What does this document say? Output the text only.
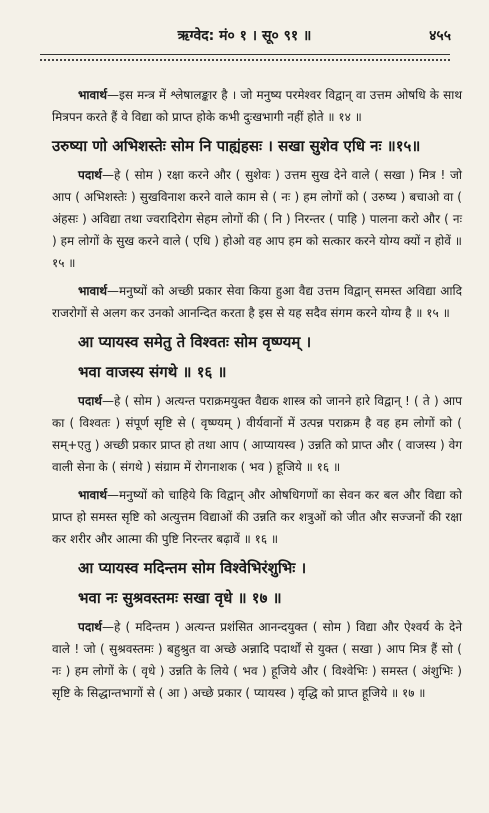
ऋग्वेद: मं० १ । सू० ९१ ॥	४५५

भावार्थ—इस मन्त्र में श्लेषालङ्कार है । जो मनुष्य परमेश्वर विद्वान् वा उत्तम ओषधि के साथ मित्रपन करते हैं वे विद्या को प्राप्त होके कभी दुःखभागी नहीं होते ॥ १४ ॥

उरुष्या णो अभिशस्तेः सोम नि पाह्यंहसः । सखा सुशेव एधि नः ॥१५॥

पदार्थ—हे ( सोम ) रक्षा करने और ( सुशेवः ) उत्तम सुख देने वाले ( सखा ) मित्र ! जो आप ( अभिशस्तेः ) सुखविनाश करने वाले काम से ( नः ) हम लोगों को ( उरुष्य ) बचाओ वा ( अंहसः ) अविद्या तथा ज्वरादिरोग सेहम लोगों की ( नि ) निरन्तर ( पाहि ) पालना करो और ( नः ) हम लोगों के सुख करने वाले ( एधि ) होओ वह आप हम को सत्कार करने योग्य क्यों न होवें ॥ १५ ॥

भावार्थ—मनुष्यों को अच्छी प्रकार सेवा किया हुआ वैद्य उत्तम विद्वान् समस्त अविद्या आदि राजरोगों से अलग कर उनको आनन्दित करता है इस से यह सदैव संगम करने योग्य है ॥ १५ ॥

आ प्यायस्व समेतु ते विश्वतः सोम वृष्ण्यम् ।

भवा वाजस्य संगथे ॥ १६ ॥

पदार्थ—हे ( सोम ) अत्यन्त पराक्रमयुक्त वैद्यक शास्त्र को जानने हारे विद्वान् ! ( ते ) आप का ( विश्वतः ) संपूर्ण सृष्टि से ( वृष्ण्यम् ) वीर्यवानों में उत्पन्न पराक्रम है वह हम लोगों को ( सम्+एतु ) अच्छी प्रकार प्राप्त हो तथा आप ( आप्यायस्व ) उन्नति को प्राप्त और ( वाजस्य ) वेग वाली सेना के ( संगथे ) संग्राम में रोगनाशक ( भव ) हूजिये ॥ १६ ॥

भावार्थ—मनुष्यों को चाहिये कि विद्वान् और ओषधिगणों का सेवन कर बल और विद्या को प्राप्त हो समस्त सृष्टि को अत्युत्तम विद्याओं की उन्नति कर शत्रुओं को जीत और सज्जनों की रक्षा कर शरीर और आत्मा की पुष्टि निरन्तर बढ़ावें ॥ १६ ॥

आ प्यायस्व मदिन्तम सोम विश्वेभिरंशुभिः ।

भवा नः सुश्रवस्तमः सखा वृधे ॥ १७ ॥

पदार्थ—हे ( मदिन्तम ) अत्यन्त प्रशंसित आनन्दयुक्त ( सोम ) विद्या और ऐश्वर्य के देने वाले ! जो ( सुश्रवस्तमः ) बहुश्रुत वा अच्छे अन्नादि पदार्थों से युक्त ( सखा ) आप मित्र हैं सो ( नः ) हम लोगों के ( वृधे ) उन्नति के लिये ( भव ) हूजिये और ( विश्वेभिः ) समस्त ( अंशुभिः ) सृष्टि के सिद्धान्तभागों से ( आ ) अच्छे प्रकार ( प्यायस्व ) वृद्धि को प्राप्त हूजिये ॥ १७ ॥
